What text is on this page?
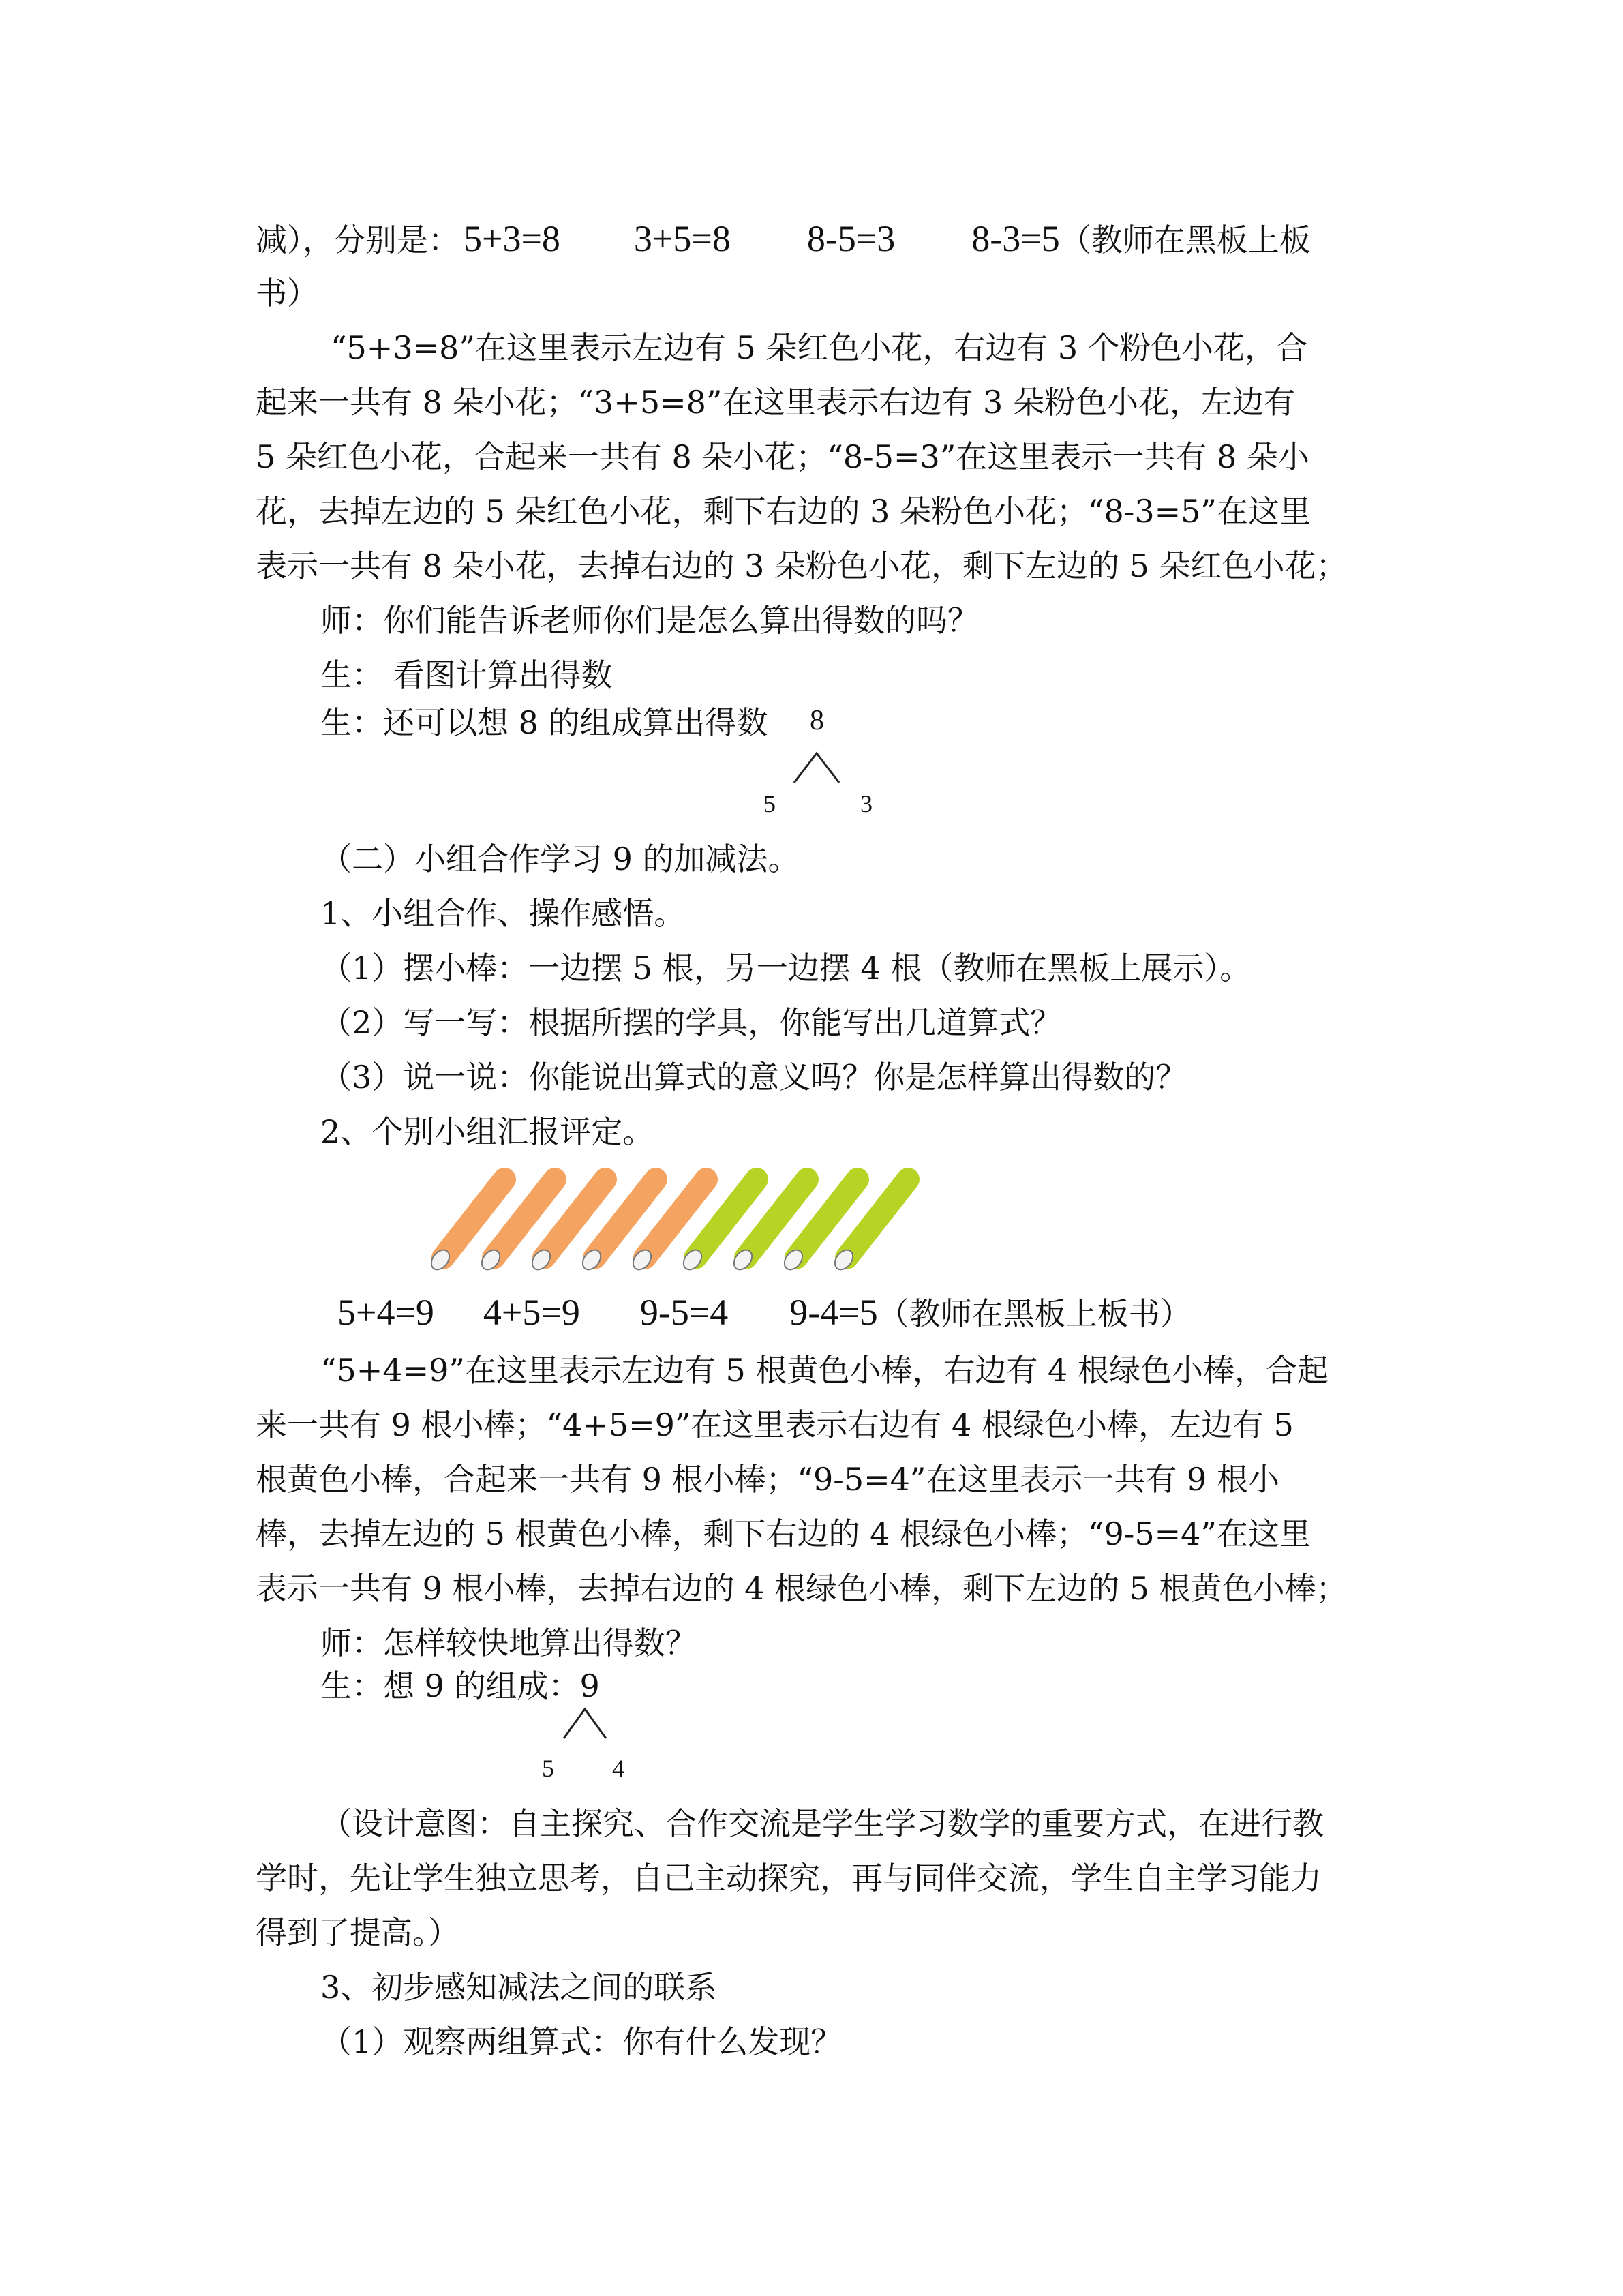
减），分别是： 5+3=8 3+5=8 8-5=3 8-3=5（教师在黑板上板
书）
“5+3=8”在这里表示左边有 5 朵红色小花，右边有 3 个粉色小花，合
起来一共有 8 朵小花；“3+5=8”在这里表示右边有 3 朵粉色小花，左边有
5 朵红色小花，合起来一共有 8 朵小花；“8-5=3”在这里表示一共有 8 朵小
花，去掉左边的 5 朵红色小花，剩下右边的 3 朵粉色小花；“8-3=5”在这里
表示一共有 8 朵小花，去掉右边的 3 朵粉色小花，剩下左边的 5 朵红色小花；
师：你们能告诉老师你们是怎么算出得数的吗？
生： 看图计算出得数
生：还可以想 8 的组成算出得数 8
5	3
（二）小组合作学习 9 的加减法。
1、小组合作、操作感悟。
（1）摆小棒：一边摆 5 根，另一边摆 4 根（教师在黑板上展示）。
（2）写一写：根据所摆的学具，你能写出几道算式？
（3）说一说：你能说出算式的意义吗？你是怎样算出得数的？
2、个别小组汇报评定。
5+4=9 4+5=9 9-5=4 9-4=5（教师在黑板上板书）
“5+4=9”在这里表示左边有 5 根黄色小棒，右边有 4 根绿色小棒，合起
来一共有 9 根小棒；“4+5=9”在这里表示右边有 4 根绿色小棒，左边有 5
根黄色小棒，合起来一共有 9 根小棒；“9-5=4”在这里表示一共有 9 根小
棒，去掉左边的 5 根黄色小棒，剩下右边的 4 根绿色小棒；“9-5=4”在这里
表示一共有 9 根小棒，去掉右边的 4 根绿色小棒，剩下左边的 5 根黄色小棒；
师：怎样较快地算出得数？
生：想 9 的组成：9
5 4
（设计意图：自主探究、合作交流是学生学习数学的重要方式，在进行教
学时，先让学生独立思考，自己主动探究，再与同伴交流，学生自主学习能力
得到了提高。）
3、初步感知减法之间的联系
（1）观察两组算式：你有什么发现？
